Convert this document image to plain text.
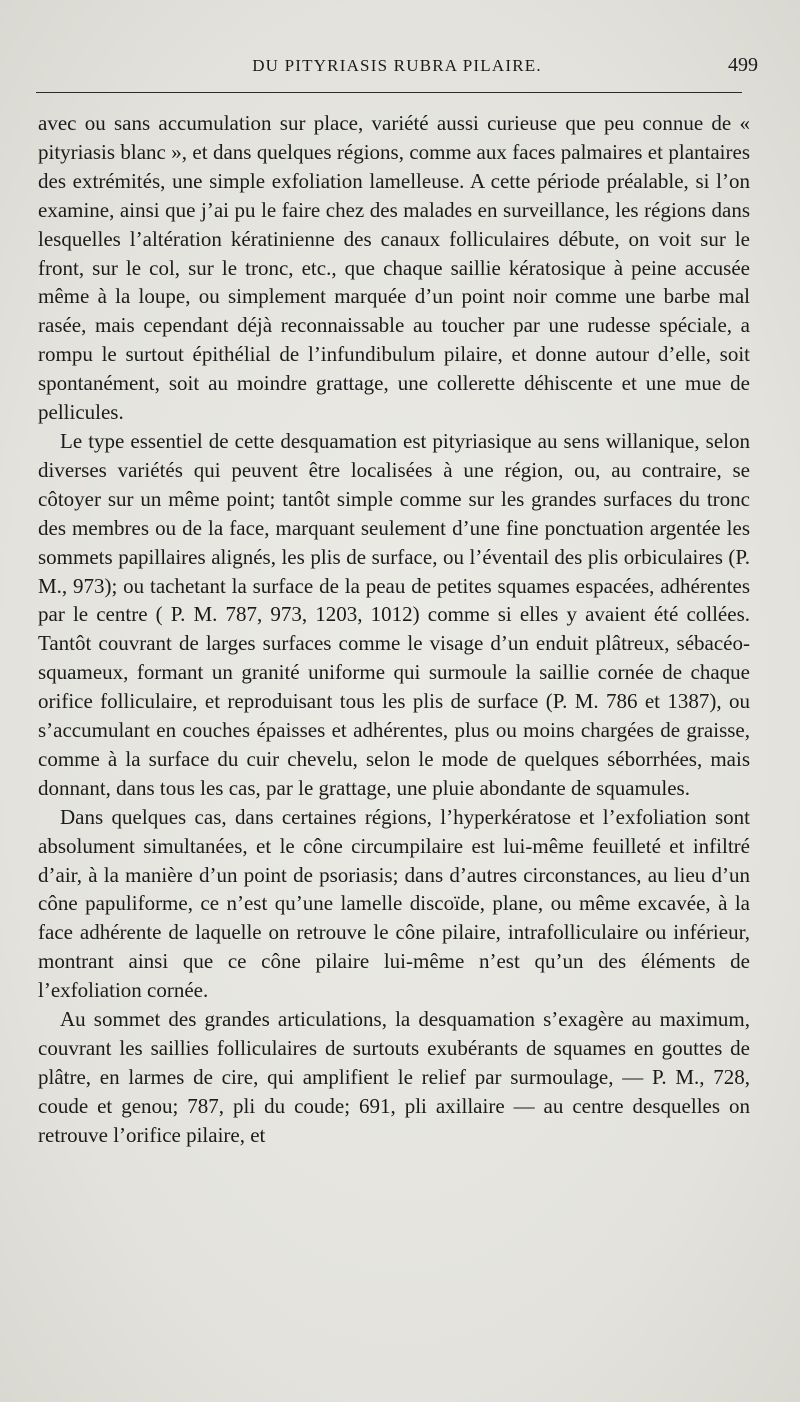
DU PITYRIASIS RUBRA PILAIRE.	499

avec ou sans accumulation sur place, variété aussi curieuse que peu connue de « pityriasis blanc », et dans quelques régions, comme aux faces palmaires et plantaires des extrémités, une simple exfoliation lamelleuse. A cette période préalable, si l’on examine, ainsi que j’ai pu le faire chez des malades en surveillance, les régions dans lesquelles l’altération kératinienne des canaux folliculaires débute, on voit sur le front, sur le col, sur le tronc, etc., que chaque saillie kératosique à peine accusée même à la loupe, ou simplement marquée d’un point noir comme une barbe mal rasée, mais cependant déjà reconnaissable au toucher par une rudesse spéciale, a rompu le surtout épithélial de l’infundibulum pilaire, et donne autour d’elle, soit spontanément, soit au moindre grattage, une collerette déhiscente et une mue de pellicules.

Le type essentiel de cette desquamation est pityriasique au sens willanique, selon diverses variétés qui peuvent être localisées à une région, ou, au contraire, se côtoyer sur un même point; tantôt simple comme sur les grandes surfaces du tronc des membres ou de la face, marquant seulement d’une fine ponctuation argentée les sommets papillaires alignés, les plis de surface, ou l’éventail des plis orbiculaires (P. M., 973); ou tachetant la surface de la peau de petites squames espacées, adhérentes par le centre ( P. M. 787, 973, 1203, 1012) comme si elles y avaient été collées. Tantôt couvrant de larges surfaces comme le visage d’un enduit plâtreux, sébacéo-squameux, formant un granité uniforme qui surmoule la saillie cornée de chaque orifice folliculaire, et reproduisant tous les plis de surface (P. M. 786 et 1387), ou s’accumulant en couches épaisses et adhérentes, plus ou moins chargées de graisse, comme à la surface du cuir chevelu, selon le mode de quelques séborrhées, mais donnant, dans tous les cas, par le grattage, une pluie abondante de squamules.

Dans quelques cas, dans certaines régions, l’hyperkératose et l’exfoliation sont absolument simultanées, et le cône circumpilaire est lui-même feuilleté et infiltré d’air, à la manière d’un point de psoriasis; dans d’autres circonstances, au lieu d’un cône papuliforme, ce n’est qu’une lamelle discoïde, plane, ou même excavée, à la face adhérente de laquelle on retrouve le cône pilaire, intrafolliculaire ou inférieur, montrant ainsi que ce cône pilaire lui-même n’est qu’un des éléments de l’exfoliation cornée.

Au sommet des grandes articulations, la desquamation s’exagère au maximum, couvrant les saillies folliculaires de surtouts exubérants de squames en gouttes de plâtre, en larmes de cire, qui amplifient le relief par surmoulage, — P. M., 728, coude et genou; 787, pli du coude; 691, pli axillaire — au centre desquelles on retrouve l’orifice pilaire, et
